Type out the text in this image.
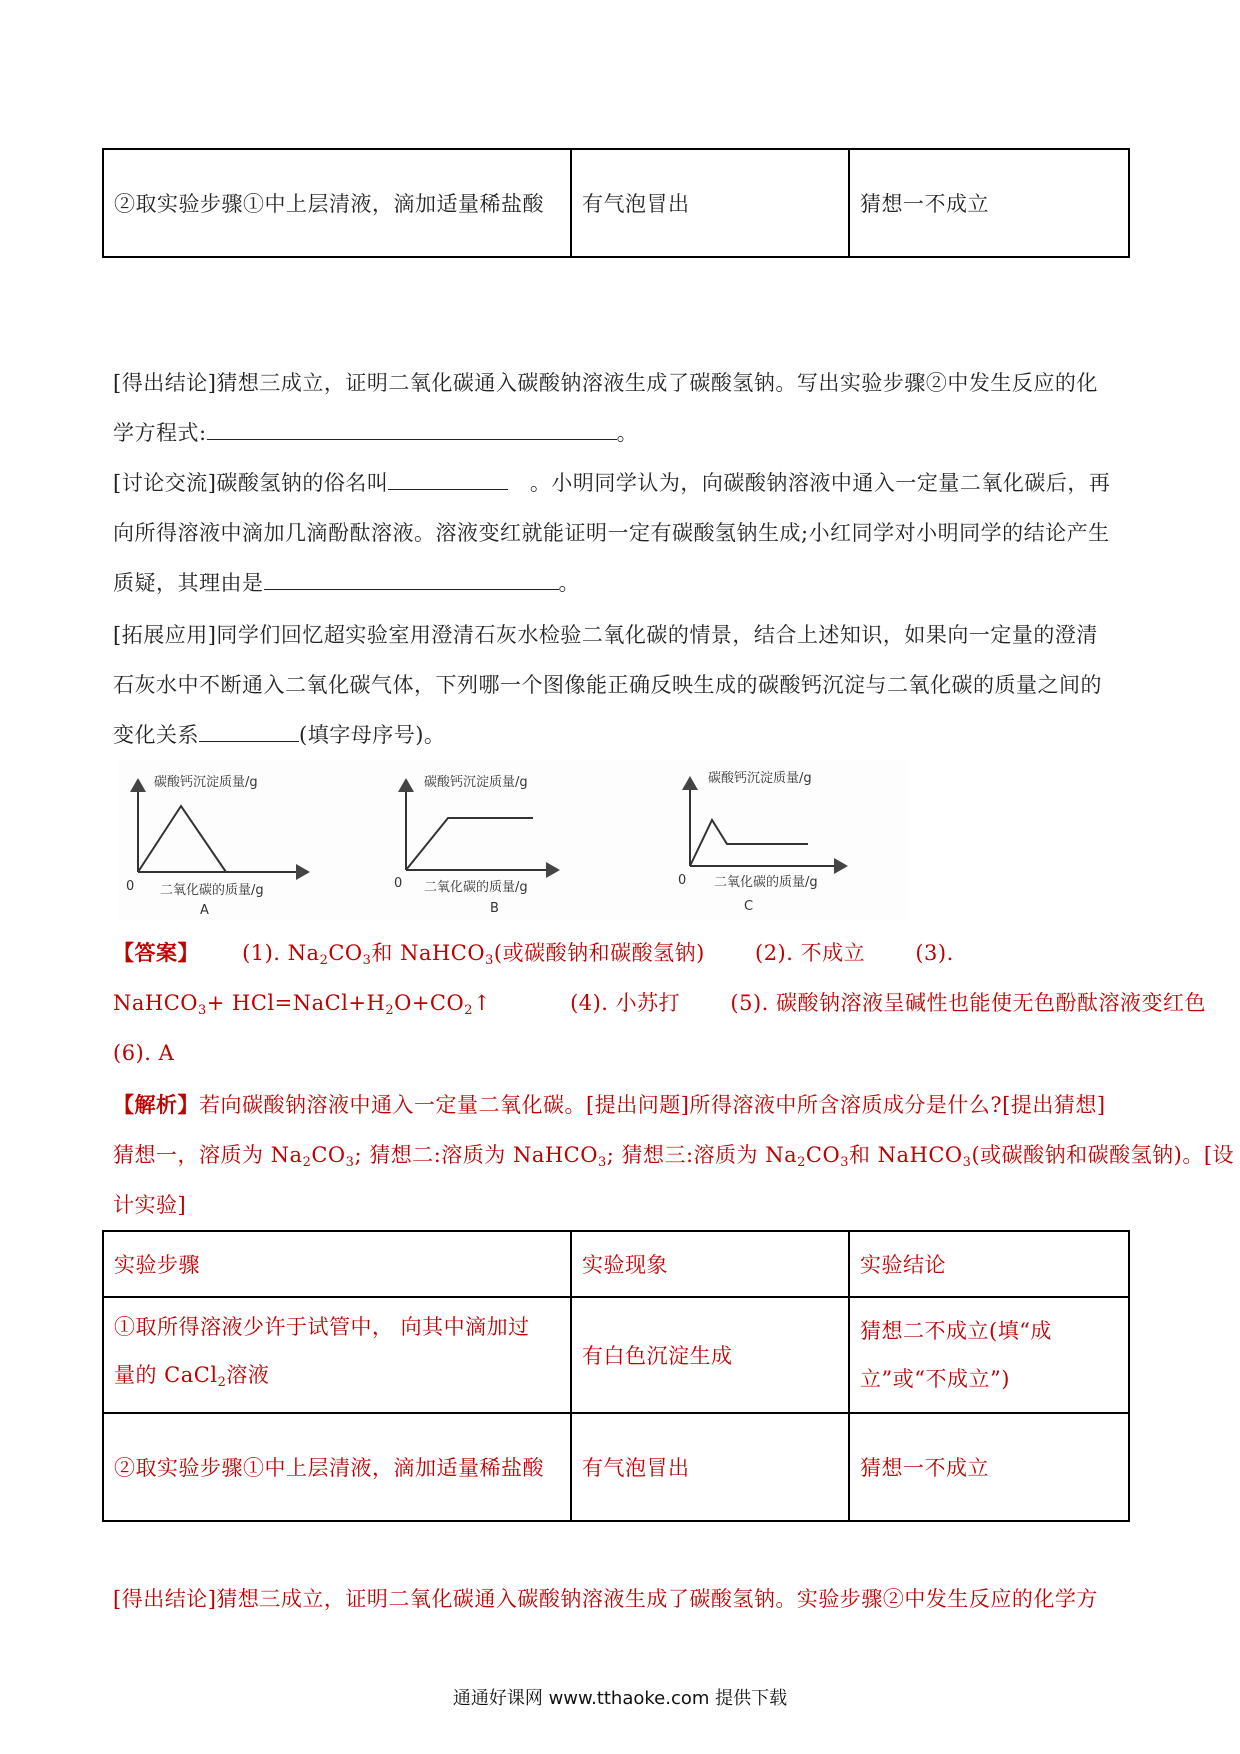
②取实验步骤①中上层清液，滴加适量稀盐酸	有气泡冒出	猜想一不成立
[得出结论]猜想三成立，证明二氧化碳通入碳酸钠溶液生成了碳酸氢钠。写出实验步骤②中发生反应的化
学方程式:	。
[讨论交流]碳酸氢钠的俗名叫	。小明同学认为，向碳酸钠溶液中通入一定量二氧化碳后，再
向所得溶液中滴加几滴酚酞溶液。溶液变红就能证明一定有碳酸氢钠生成;小红同学对小明同学的结论产生
质疑，其理由是	。
[拓展应用]同学们回忆超实验室用澄清石灰水检验二氧化碳的情景，结合上述知识，如果向一定量的澄清
石灰水中不断通入二氧化碳气体，下列哪一个图像能正确反映生成的碳酸钙沉淀与二氧化碳的质量之间的
变化关系	(填字母序号)。
碳酸钙沉淀质量/g
二氧化碳的质量/g
0
A
碳酸钙沉淀质量/g
二氧化碳的质量/g
0
B
碳酸钙沉淀质量/g
二氧化碳的质量/g
0
C
【答案】 (1). $Na_2CO_3$和 NaHCO$_3$(或碳酸钠和碳酸氢钠) (2). 不成立 (3).
NaHCO$_3$+ $HCl=NaCl+H_2O+CO_2↑$	(4). 小苏打 (5). 碳酸钠溶液呈碱性也能使无色酚酞溶液变红色
(6). A
【解析】若向碳酸钠溶液中通入一定量二氧化碳。[提出问题]所得溶液中所含溶质成分是什么?[提出猜想]
猜想一，溶质为 $Na_2CO_3$; 猜想二:溶质为 NaHCO$_3$; 猜想三:溶质为 $Na_2CO_3$和 NaHCO$_3$(或碳酸钠和碳酸氢钠)。[设
计实验]
实验步骤	实验现象	实验结论
①取所得溶液少许于试管中， 向其中滴加过
量的 CaCl$_2$溶液	有白色沉淀生成	猜想二不成立(填“成
立”或“不成立”)
②取实验步骤①中上层清液，滴加适量稀盐酸	有气泡冒出	猜想一不成立
[得出结论]猜想三成立，证明二氧化碳通入碳酸钠溶液生成了碳酸氢钠。实验步骤②中发生反应的化学方
通通好课网 www.tthaoke.com 提供下载
